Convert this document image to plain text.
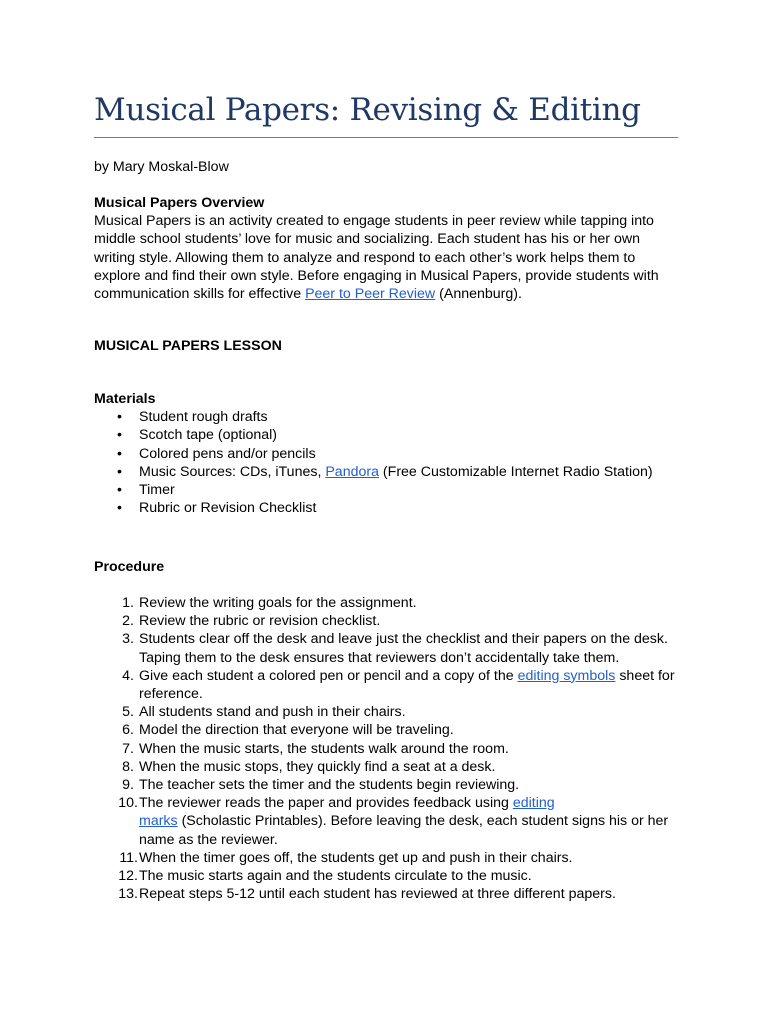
Musical Papers: Revising & Editing

by Mary Moskal-Blow

Musical Papers Overview

Musical Papers is an activity created to engage students in peer review while tapping into middle school students’ love for music and socializing. Each student has his or her own writing style. Allowing them to analyze and respond to each other’s work helps them to explore and find their own style. Before engaging in Musical Papers, provide students with communication skills for effective Peer to Peer Review (Annenburg).

MUSICAL PAPERS LESSON

Materials

• Student rough drafts
• Scotch tape (optional)
• Colored pens and/or pencils
• Music Sources: CDs, iTunes, Pandora (Free Customizable Internet Radio Station)
• Timer
• Rubric or Revision Checklist

Procedure

1. Review the writing goals for the assignment.
2. Review the rubric or revision checklist.
3. Students clear off the desk and leave just the checklist and their papers on the desk. Taping them to the desk ensures that reviewers don’t accidentally take them.
4. Give each student a colored pen or pencil and a copy of the editing symbols sheet for reference.
5. All students stand and push in their chairs.
6. Model the direction that everyone will be traveling.
7. When the music starts, the students walk around the room.
8. When the music stops, they quickly find a seat at a desk.
9. The teacher sets the timer and the students begin reviewing.
10. The reviewer reads the paper and provides feedback using editing
marks (Scholastic Printables). Before leaving the desk, each student signs his or her name as the reviewer.
11. When the timer goes off, the students get up and push in their chairs.
12. The music starts again and the students circulate to the music.
13. Repeat steps 5-12 until each student has reviewed at three different papers.
